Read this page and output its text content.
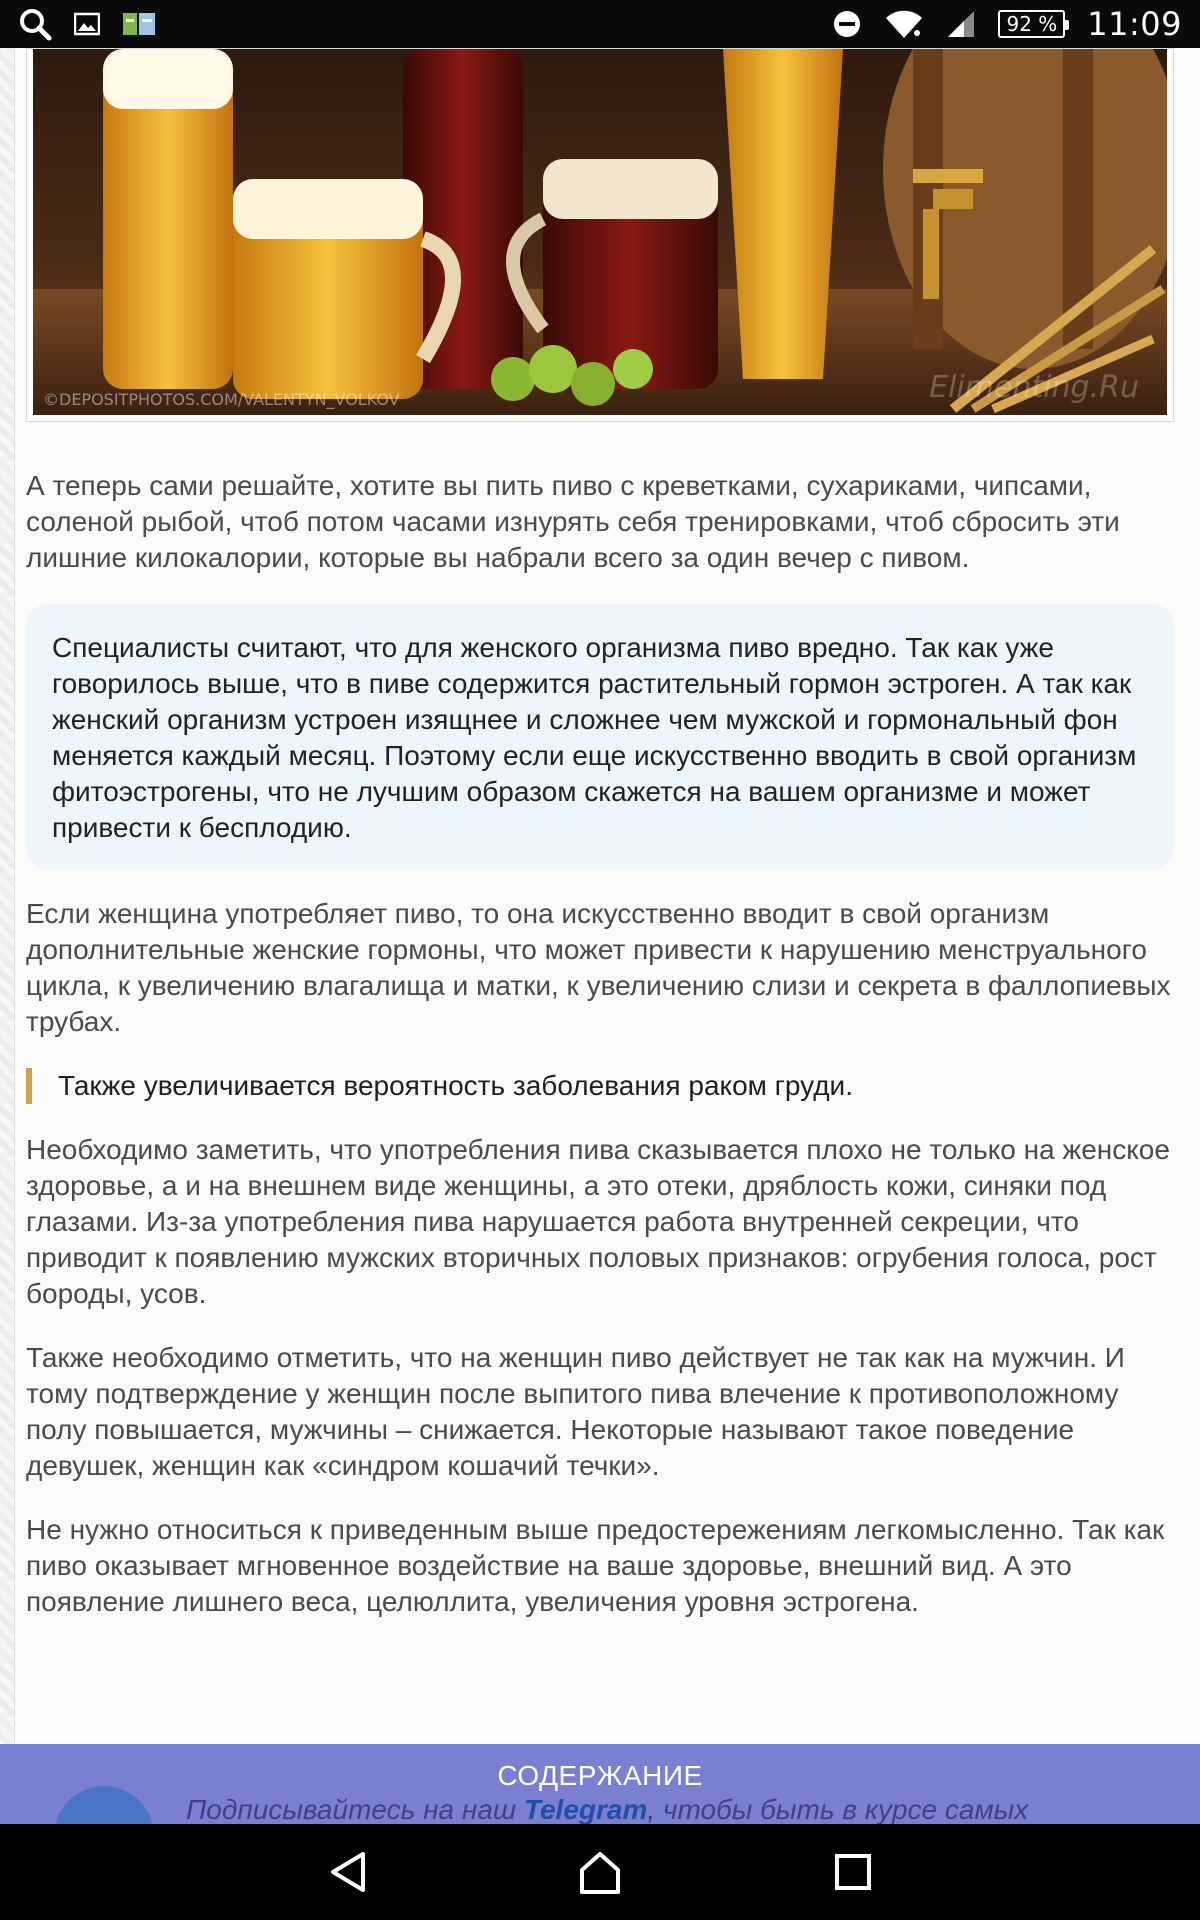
92 % 11:09
©DEPOSITPHOTOS.COM/VALENTYN_VOLKOV	Elimenting.Ru

А теперь сами решайте, хотите вы пить пиво с креветками, сухариками, чипсами, соленой рыбой, чтоб потом часами изнурять себя тренировками, чтоб сбросить эти лишние килокалории, которые вы набрали всего за один вечер с пивом.

Специалисты считают, что для женского организма пиво вредно. Так как уже говорилось выше, что в пиве содержится растительный гормон эстроген. А так как женский организм устроен изящнее и сложнее чем мужской и гормональный фон меняется каждый месяц. Поэтому если еще искусственно вводить в свой организм фитоэстрогены, что не лучшим образом скажется на вашем организме и может привести к бесплодию.

Если женщина употребляет пиво, то она искусственно вводит в свой организм дополнительные женские гормоны, что может привести к нарушению менструального цикла, к увеличению влагалища и матки, к увеличению слизи и секрета в фаллопиевых трубах.

Также увеличивается вероятность заболевания раком груди.

Необходимо заметить, что употребления пива сказывается плохо не только на женское здоровье, а и на внешнем виде женщины, а это отеки, дряблость кожи, синяки под глазами. Из-за употребления пива нарушается работа внутренней секреции, что приводит к появлению мужских вторичных половых признаков: огрубения голоса, рост бороды, усов.

Также необходимо отметить, что на женщин пиво действует не так как на мужчин. И тому подтверждение у женщин после выпитого пива влечение к противоположному полу повышается, мужчины – снижается. Некоторые называют такое поведение девушек, женщин как «синдром кошачий течки».

Не нужно относиться к приведенным выше предостережениям легкомысленно. Так как пиво оказывает мгновенное воздействие на ваше здоровье, внешний вид. А это появление лишнего веса, целюллита, увеличения уровня эстрогена.

СОДЕРЖАНИЕ
Подписывайтесь на наш Telegram, чтобы быть в курсе самых
